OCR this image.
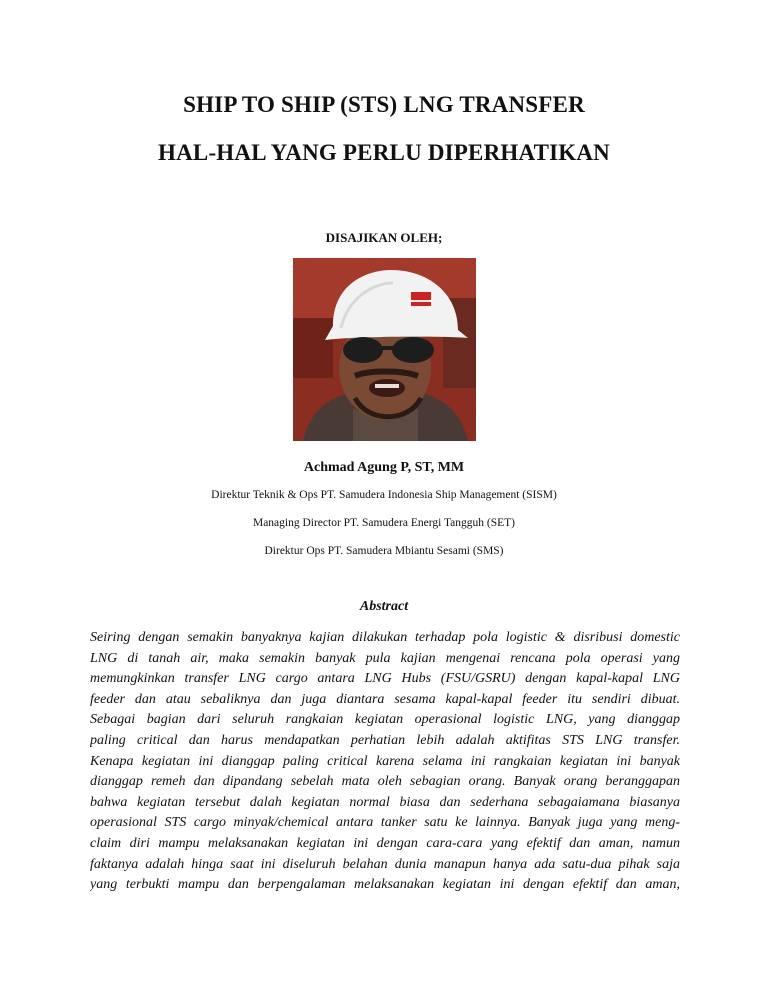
SHIP TO SHIP (STS) LNG TRANSFER
HAL-HAL YANG PERLU DIPERHATIKAN
DISAJIKAN OLEH;
Achmad Agung P, ST, MM
Direktur Teknik & Ops PT. Samudera Indonesia Ship Management (SISM)
Managing Director PT. Samudera Energi Tangguh (SET)
Direktur Ops PT. Samudera Mbiantu Sesami (SMS)
Abstract
Seiring dengan semakin banyaknya kajian dilakukan terhadap pola logistic & disribusi domestic
LNG di tanah air, maka semakin banyak pula kajian mengenai rencana pola operasi yang
memungkinkan transfer LNG cargo antara LNG Hubs (FSU/GSRU) dengan kapal-kapal LNG
feeder dan atau sebaliknya dan juga diantara sesama kapal-kapal feeder itu sendiri dibuat.
Sebagai bagian dari seluruh rangkaian kegiatan operasional logistic LNG, yang dianggap
paling critical dan harus mendapatkan perhatian lebih adalah aktifitas STS LNG transfer.
Kenapa kegiatan ini dianggap paling critical karena selama ini rangkaian kegiatan ini banyak
dianggap remeh dan dipandang sebelah mata oleh sebagian orang. Banyak orang beranggapan
bahwa kegiatan tersebut dalah kegiatan normal biasa dan sederhana sebagaiamana biasanya
operasional STS cargo minyak/chemical antara tanker satu ke lainnya. Banyak juga yang meng-
claim diri mampu melaksanakan kegiatan ini dengan cara-cara yang efektif dan aman, namun
faktanya adalah hinga saat ini diseluruh belahan dunia manapun hanya ada satu-dua pihak saja
yang terbukti mampu dan berpengalaman melaksanakan kegiatan ini dengan efektif dan aman,
